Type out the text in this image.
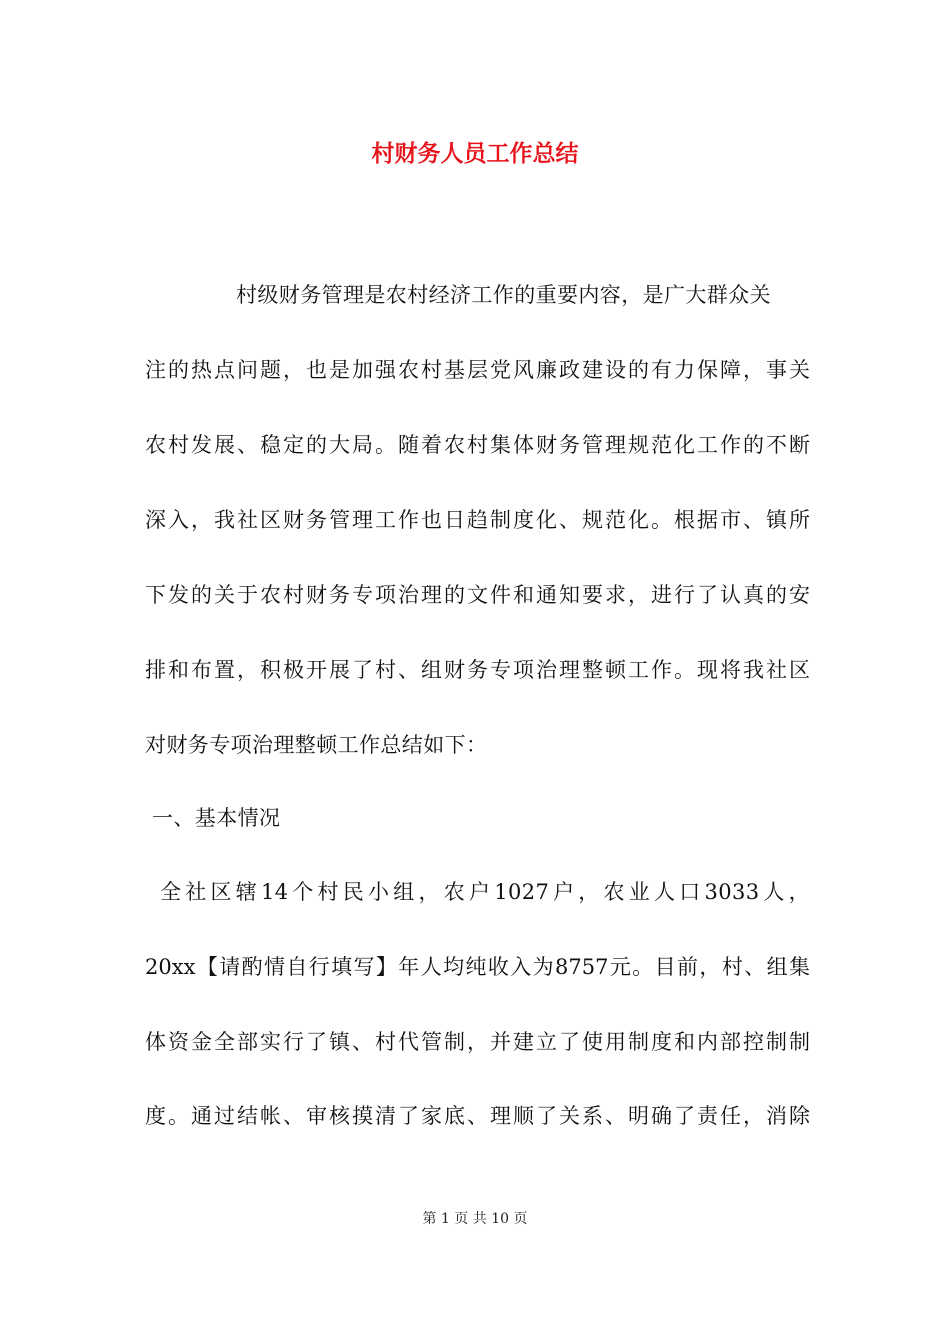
村财务人员工作总结
村级财务管理是农村经济工作的重要内容，是广大群众关
注的热点问题，也是加强农村基层党风廉政建设的有力保障，事关
农村发展、稳定的大局。随着农村集体财务管理规范化工作的不断
深入，我社区财务管理工作也日趋制度化、规范化。根据市、镇所
下发的关于农村财务专项治理的文件和通知要求，进行了认真的安
排和布置，积极开展了村、组财务专项治理整顿工作。现将我社区
对财务专项治理整顿工作总结如下：
一、基本情况
全社区辖14个村民小组，农户1027户，农业人口3033人，
20xx【请酌情自行填写】年人均纯收入为8757元。目前，村、组集
体资金全部实行了镇、村代管制，并建立了使用制度和内部控制制
度。通过结帐、审核摸清了家底、理顺了关系、明确了责任，消除
第 1 页 共 10 页
